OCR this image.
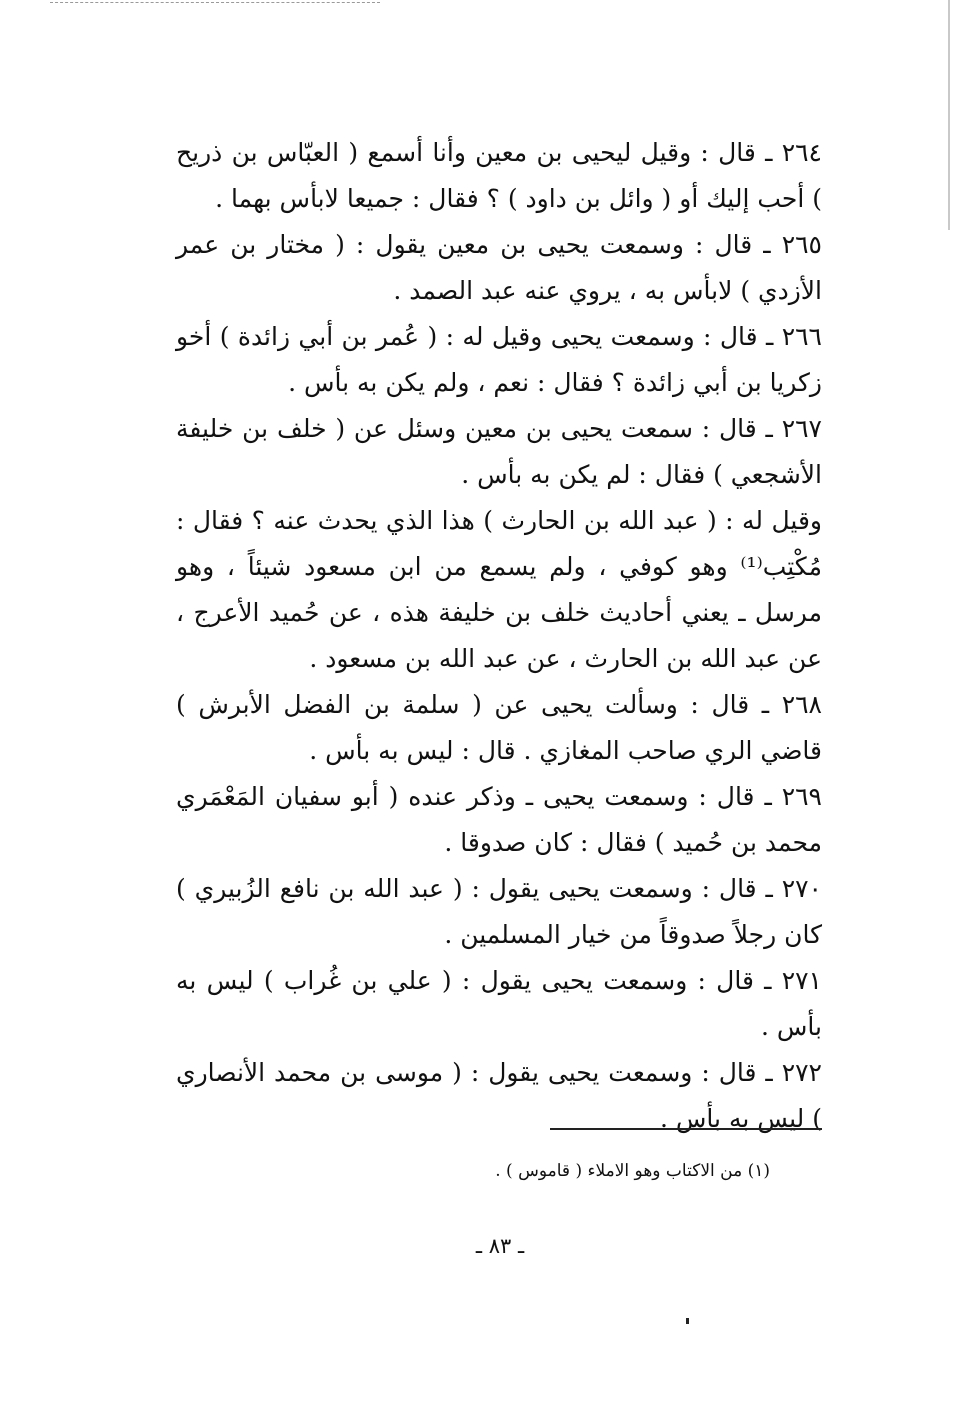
٢٦٤ ـ قال : وقيل ليحيى بن معين وأنا أسمع ( العبّاس بن ذريح ) أحب إليك أو ( وائل بن داود ) ؟ فقال : جميعا لابأس بهما .

٢٦٥ ـ قال : وسمعت يحيى بن معين يقول : ( مختار بن عمر الأزدي ) لابأس به ، يروي عنه عبد الصمد .

٢٦٦ ـ قال : وسمعت يحيى وقيل له : ( عُمر بن أبي زائدة ) أخو زكريا بن أبي زائدة ؟ فقال : نعم ، ولم يكن به بأس .

٢٦٧ ـ قال : سمعت يحيى بن معين وسئل عن ( خلف بن خليفة الأشجعي ) فقال : لم يكن به بأس .

وقيل له : ( عبد الله بن الحارث ) هذا الذي يحدث عنه ؟ فقال : مُكْتِب⁽¹⁾ وهو كوفي ، ولم يسمع من ابن مسعود شيئاً ، وهو مرسل ـ يعني أحاديث خلف بن خليفة هذه ، عن حُميد الأعرج ، عن عبد الله بن الحارث ، عن عبد الله بن مسعود .

٢٦٨ ـ قال : وسألت يحيى عن ( سلمة بن الفضل الأبرش ) قاضي الري صاحب المغازي . قال : ليس به بأس .

٢٦٩ ـ قال : وسمعت يحيى ـ وذكر عنده ( أبو سفيان المَعْمَري محمد بن حُميد ) فقال : كان صدوقا .

٢٧٠ ـ قال : وسمعت يحيى يقول : ( عبد الله بن نافع الزُبيري ) كان رجلاً صدوقاً من خيار المسلمين .

٢٧١ ـ قال : وسمعت يحيى يقول : ( علي بن غُراب ) ليس به بأس .

٢٧٢ ـ قال : وسمعت يحيى يقول : ( موسى بن محمد الأنصاري ) ليس به بأس .

(١) من الاكتاب وهو الاملاء ( قاموس ) .
ـ ٨٣ ـ
